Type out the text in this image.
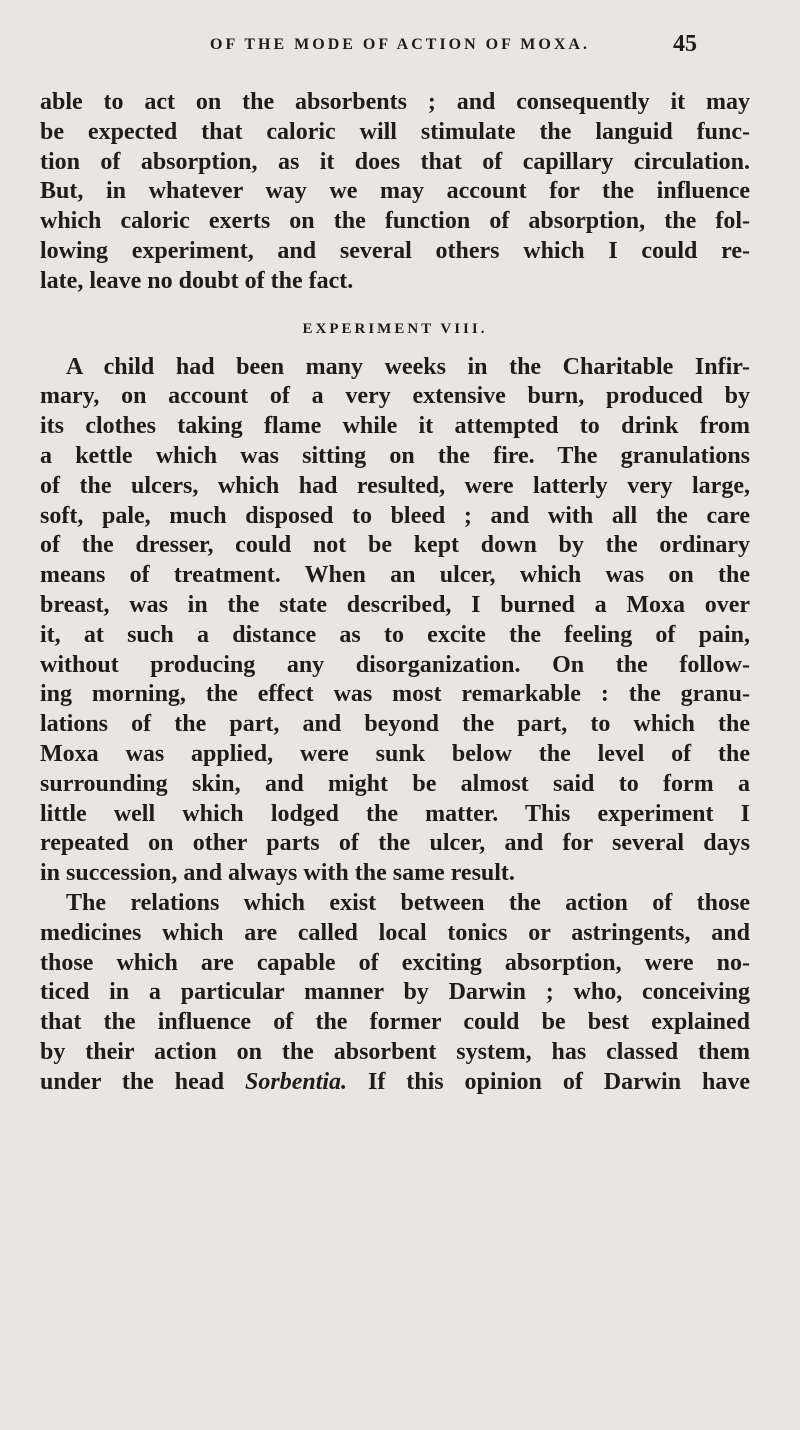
OF THE MODE OF ACTION OF MOXA.	45
able to act on the absorbents ; and consequently it may
be expected that caloric will stimulate the languid func-
tion of absorption, as it does that of capillary circulation.
But, in whatever way we may account for the influence
which caloric exerts on the function of absorption, the fol-
lowing experiment, and several others which I could re-
late, leave no doubt of the fact.
EXPERIMENT VIII.
A child had been many weeks in the Charitable Infir-
mary, on account of a very extensive burn, produced by
its clothes taking flame while it attempted to drink from
a kettle which was sitting on the fire. The granulations
of the ulcers, which had resulted, were latterly very large,
soft, pale, much disposed to bleed ; and with all the care
of the dresser, could not be kept down by the ordinary
means of treatment. When an ulcer, which was on the
breast, was in the state described, I burned a Moxa over
it, at such a distance as to excite the feeling of pain,
without producing any disorganization. On the follow-
ing morning, the effect was most remarkable : the granu-
lations of the part, and beyond the part, to which the
Moxa was applied, were sunk below the level of the
surrounding skin, and might be almost said to form a
little well which lodged the matter. This experiment I
repeated on other parts of the ulcer, and for several days
in succession, and always with the same result.
The relations which exist between the action of those
medicines which are called local tonics or astringents, and
those which are capable of exciting absorption, were no-
ticed in a particular manner by Darwin ; who, conceiving
that the influence of the former could be best explained
by their action on the absorbent system, has classed them
under the head Sorbentia. If this opinion of Darwin have
